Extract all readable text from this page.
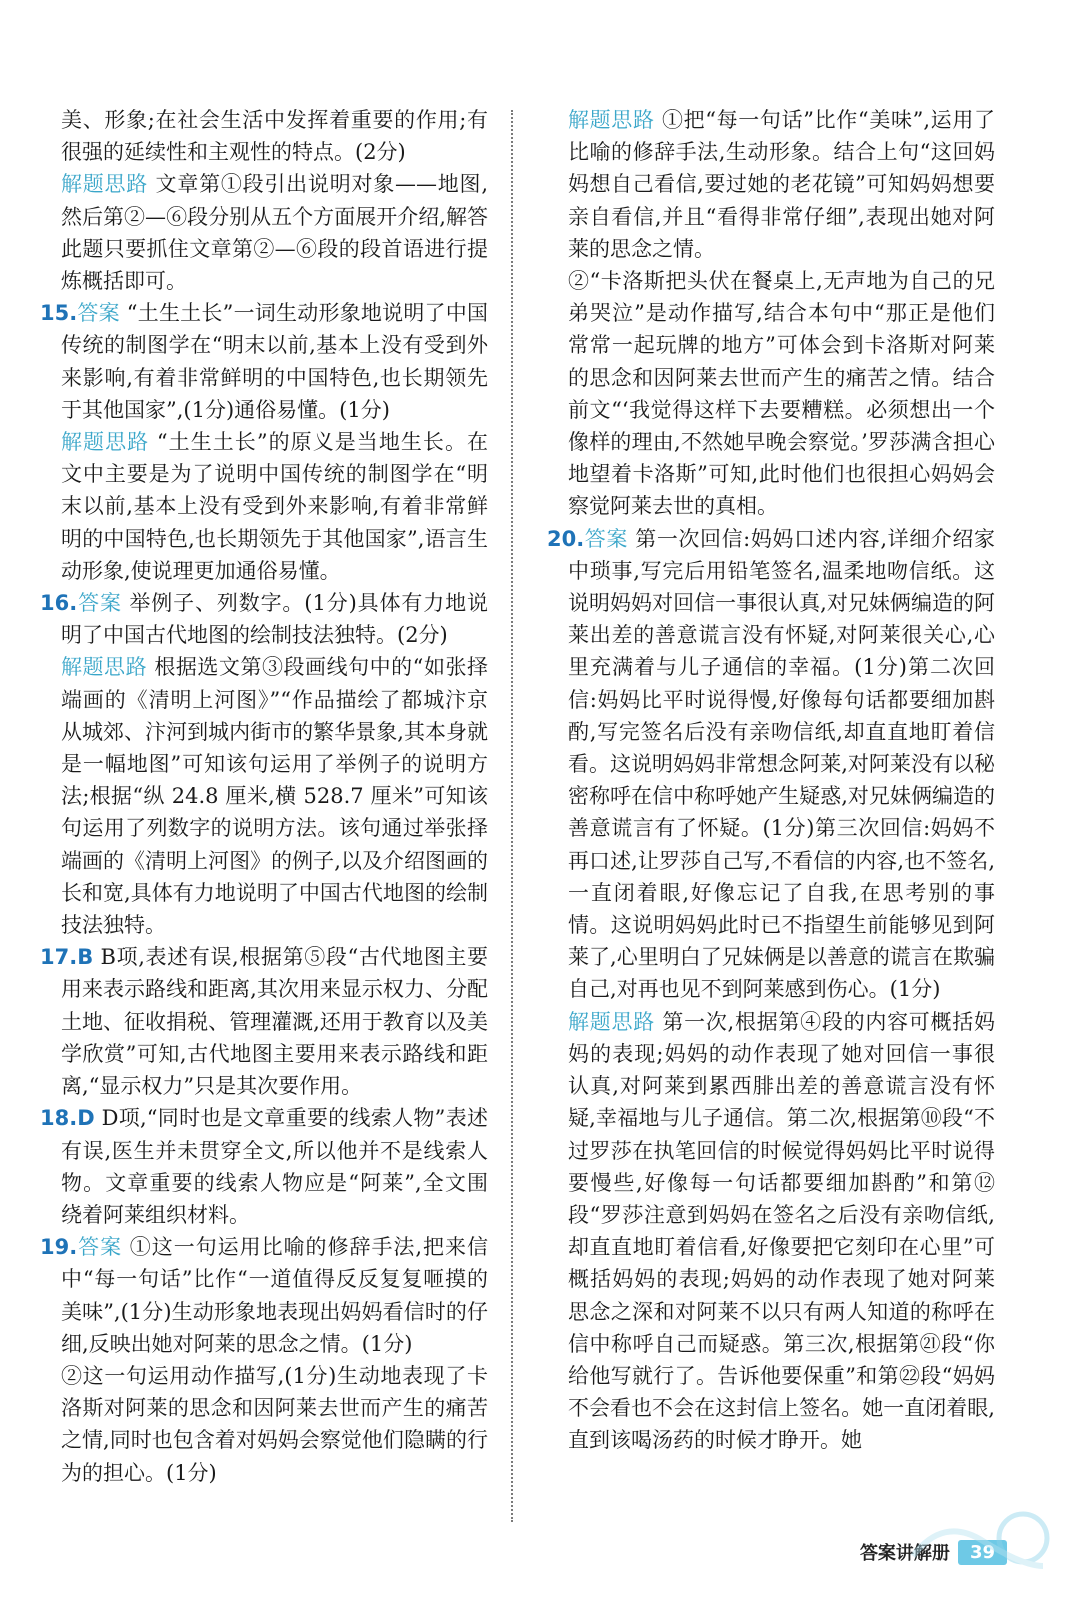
美、形象;在社会生活中发挥着重要的作用;有很强的延续性和主观性的特点。(2分)

解题思路 文章第①段引出说明对象——地图,然后第②—⑥段分别从五个方面展开介绍,解答此题只要抓住文章第②—⑥段的段首语进行提炼概括即可。

15.答案 “土生土长”一词生动形象地说明了中国传统的制图学在“明末以前,基本上没有受到外来影响,有着非常鲜明的中国特色,也长期领先于其他国家”,(1分)通俗易懂。(1分)

解题思路 “土生土长”的原义是当地生长。在文中主要是为了说明中国传统的制图学在“明末以前,基本上没有受到外来影响,有着非常鲜明的中国特色,也长期领先于其他国家”,语言生动形象,使说理更加通俗易懂。

16.答案 举例子、列数字。(1分)具体有力地说明了中国古代地图的绘制技法独特。(2分)

解题思路 根据选文第③段画线句中的“如张择端画的《清明上河图》”“作品描绘了都城汴京从城郊、汴河到城内街市的繁华景象,其本身就是一幅地图”可知该句运用了举例子的说明方法;根据“纵 24.8 厘米,横 528.7 厘米”可知该句运用了列数字的说明方法。该句通过举张择端画的《清明上河图》的例子,以及介绍图画的长和宽,具体有力地说明了中国古代地图的绘制技法独特。

17.B B项,表述有误,根据第⑤段“古代地图主要用来表示路线和距离,其次用来显示权力、分配土地、征收捐税、管理灌溉,还用于教育以及美学欣赏”可知,古代地图主要用来表示路线和距离,“显示权力”只是其次要作用。

18.D D项,“同时也是文章重要的线索人物”表述有误,医生并未贯穿全文,所以他并不是线索人物。文章重要的线索人物应是“阿莱”,全文围绕着阿莱组织材料。

19.答案 ①这一句运用比喻的修辞手法,把来信中“每一句话”比作“一道值得反反复复咂摸的美味”,(1分)生动形象地表现出妈妈看信时的仔细,反映出她对阿莱的思念之情。(1分)

②这一句运用动作描写,(1分)生动地表现了卡洛斯对阿莱的思念和因阿莱去世而产生的痛苦之情,同时也包含着对妈妈会察觉他们隐瞒的行为的担心。(1分)

解题思路 ①把“每一句话”比作“美味”,运用了比喻的修辞手法,生动形象。结合上句“这回妈妈想自己看信,要过她的老花镜”可知妈妈想要亲自看信,并且“看得非常仔细”,表现出她对阿莱的思念之情。

②“卡洛斯把头伏在餐桌上,无声地为自己的兄弟哭泣”是动作描写,结合本句中“那正是他们常常一起玩牌的地方”可体会到卡洛斯对阿莱的思念和因阿莱去世而产生的痛苦之情。结合前文“‘我觉得这样下去要糟糕。必须想出一个像样的理由,不然她早晚会察觉。’罗莎满含担心地望着卡洛斯”可知,此时他们也很担心妈妈会察觉阿莱去世的真相。

20.答案 第一次回信:妈妈口述内容,详细介绍家中琐事,写完后用铅笔签名,温柔地吻信纸。这说明妈妈对回信一事很认真,对兄妹俩编造的阿莱出差的善意谎言没有怀疑,对阿莱很关心,心里充满着与儿子通信的幸福。(1分)第二次回信:妈妈比平时说得慢,好像每句话都要细加斟酌,写完签名后没有亲吻信纸,却直直地盯着信看。这说明妈妈非常想念阿莱,对阿莱没有以秘密称呼在信中称呼她产生疑惑,对兄妹俩编造的善意谎言有了怀疑。(1分)第三次回信:妈妈不再口述,让罗莎自己写,不看信的内容,也不签名,一直闭着眼,好像忘记了自我,在思考别的事情。这说明妈妈此时已不指望生前能够见到阿莱了,心里明白了兄妹俩是以善意的谎言在欺骗自己,对再也见不到阿莱感到伤心。(1分)

解题思路 第一次,根据第④段的内容可概括妈妈的表现;妈妈的动作表现了她对回信一事很认真,对阿莱到累西腓出差的善意谎言没有怀疑,幸福地与儿子通信。第二次,根据第⑩段“不过罗莎在执笔回信的时候觉得妈妈比平时说得要慢些,好像每一句话都要细加斟酌”和第⑫段“罗莎注意到妈妈在签名之后没有亲吻信纸,却直直地盯着信看,好像要把它刻印在心里”可概括妈妈的表现;妈妈的动作表现了她对阿莱思念之深和对阿莱不以只有两人知道的称呼在信中称呼自己而疑惑。第三次,根据第㉑段“你给他写就行了。告诉他要保重”和第㉒段“妈妈不会看也不会在这封信上签名。她一直闭着眼,直到该喝汤药的时候才睁开。她

答案讲解册	39
